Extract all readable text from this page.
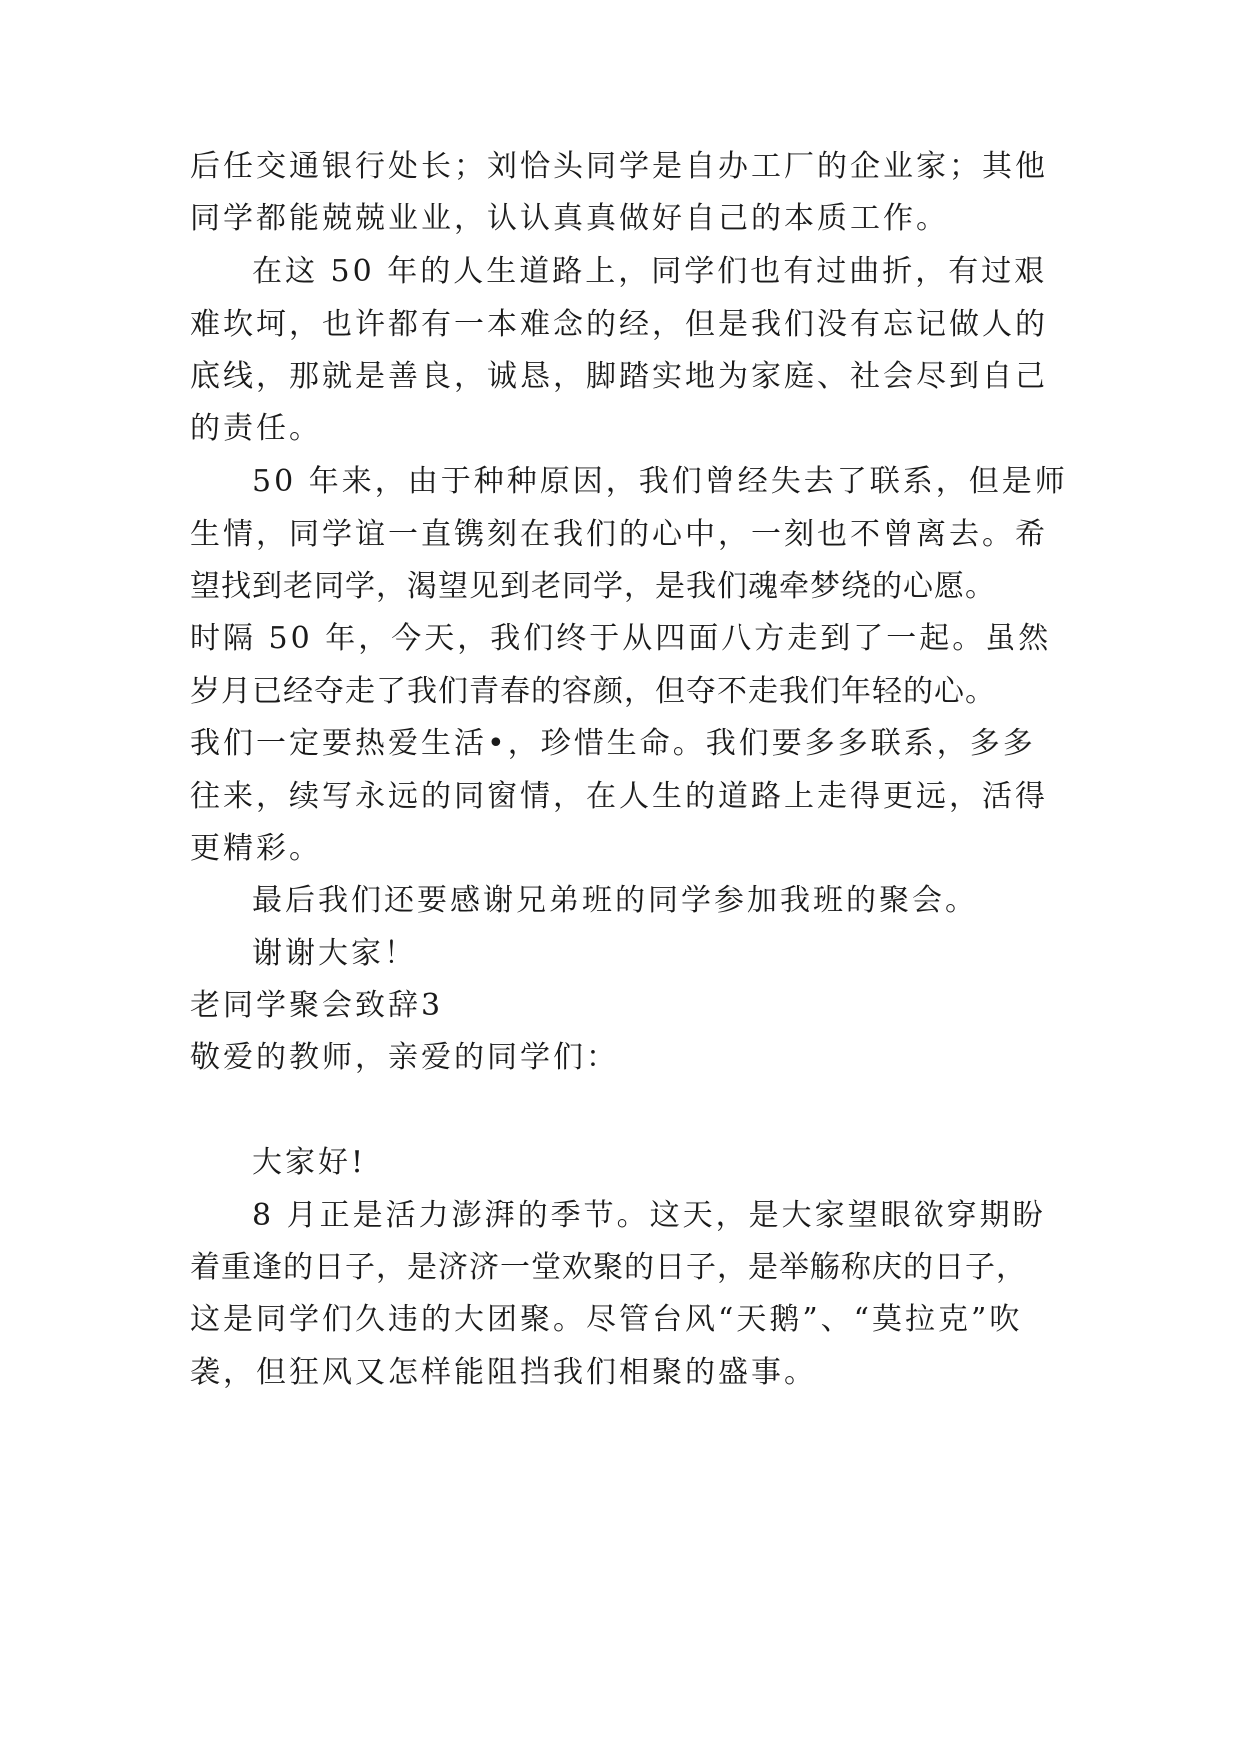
后任交通银行处长；刘恰头同学是自办工厂的企业家；其他

同学都能兢兢业业，认认真真做好自己的本质工作。

在这 50 年的人生道路上，同学们也有过曲折，有过艰

难坎坷，也许都有一本难念的经，但是我们没有忘记做人的

底线，那就是善良，诚恳，脚踏实地为家庭、社会尽到自己

的责任。

50 年来，由于种种原因，我们曾经失去了联系，但是师

生情，同学谊一直镌刻在我们的心中，一刻也不曾离去。希

望找到老同学，渴望见到老同学，是我们魂牵梦绕的心愿。

时隔 50 年，今天，我们终于从四面八方走到了一起。虽然

岁月已经夺走了我们青春的容颜，但夺不走我们年轻的心。

我们一定要热爱生活•，珍惜生命。我们要多多联系，多多

往来，续写永远的同窗情，在人生的道路上走得更远，活得

更精彩。

最后我们还要感谢兄弟班的同学参加我班的聚会。

谢谢大家！

老同学聚会致辞3

敬爱的教师，亲爱的同学们：

大家好!

8 月正是活力澎湃的季节。这天，是大家望眼欲穿期盼

着重逢的日子，是济济一堂欢聚的日子，是举觞称庆的日子，

这是同学们久违的大团聚。尽管台风“天鹅”、“莫拉克”吹

袭，但狂风又怎样能阻挡我们相聚的盛事。
